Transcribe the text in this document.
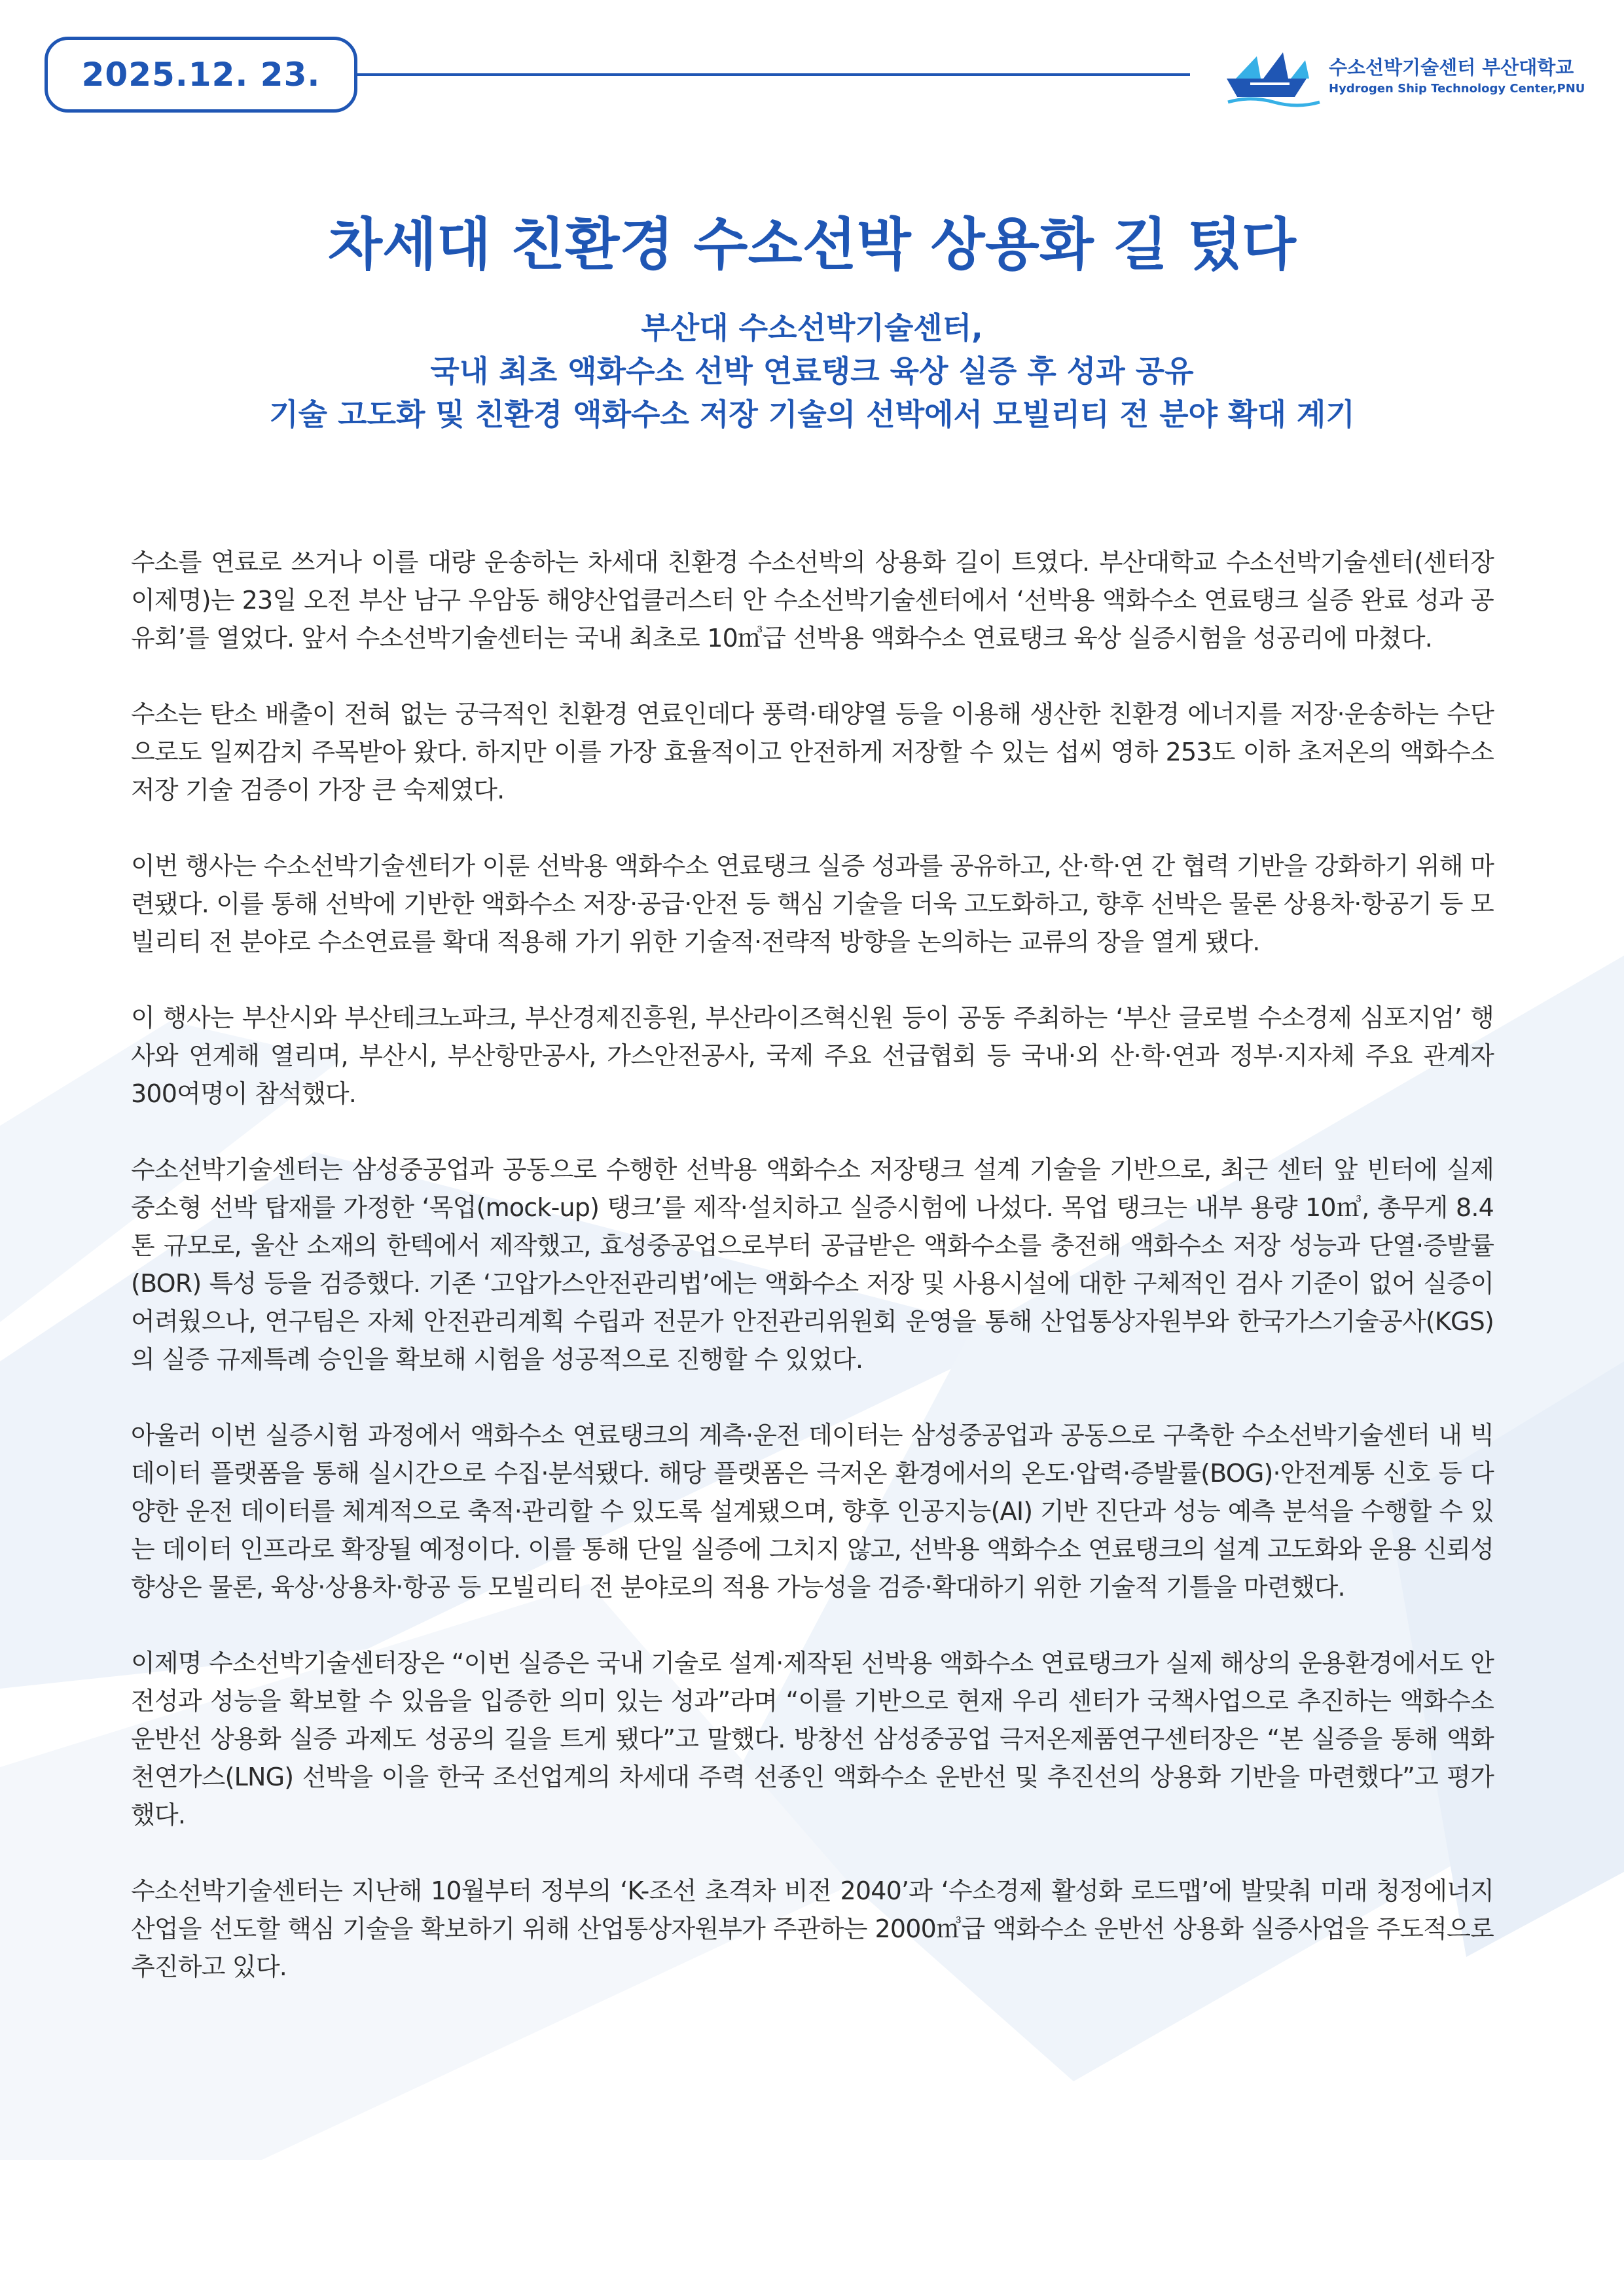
2025.12. 23.	수소선박기술센터 부산대학교
Hydrogen Ship Technology Center,PNU
차세대 친환경 수소선박 상용화 길 텄다
부산대 수소선박기술센터,
국내 최초 액화수소 선박 연료탱크 육상 실증 후 성과 공유
기술 고도화 및 친환경 액화수소 저장 기술의 선박에서 모빌리티 전 분야 확대 계기

수소를 연료로 쓰거나 이를 대량 운송하는 차세대 친환경 수소선박의 상용화 길이 트였다. 부산대학교 수소선박기술센터(센터장 이제명)는 23일 오전 부산 남구 우암동 해양산업클러스터 안 수소선박기술센터에서 ‘선박용 액화수소 연료탱크 실증 완료 성과 공유회’를 열었다. 앞서 수소선박기술센터는 국내 최초로 10㎥급 선박용 액화수소 연료탱크 육상 실증시험을 성공리에 마쳤다.

수소는 탄소 배출이 전혀 없는 궁극적인 친환경 연료인데다 풍력·태양열 등을 이용해 생산한 친환경 에너지를 저장·운송하는 수단으로도 일찌감치 주목받아 왔다. 하지만 이를 가장 효율적이고 안전하게 저장할 수 있는 섭씨 영하 253도 이하 초저온의 액화수소 저장 기술 검증이 가장 큰 숙제였다.

이번 행사는 수소선박기술센터가 이룬 선박용 액화수소 연료탱크 실증 성과를 공유하고, 산·학·연 간 협력 기반을 강화하기 위해 마련됐다. 이를 통해 선박에 기반한 액화수소 저장·공급·안전 등 핵심 기술을 더욱 고도화하고, 향후 선박은 물론 상용차·항공기 등 모빌리티 전 분야로 수소연료를 확대 적용해 가기 위한 기술적·전략적 방향을 논의하는 교류의 장을 열게 됐다.

이 행사는 부산시와 부산테크노파크, 부산경제진흥원, 부산라이즈혁신원 등이 공동 주최하는 ‘부산 글로벌 수소경제 심포지엄’ 행사와 연계해 열리며, 부산시, 부산항만공사, 가스안전공사, 국제 주요 선급협회 등 국내·외 산·학·연과 정부·지자체 주요 관계자 300여명이 참석했다.

수소선박기술센터는 삼성중공업과 공동으로 수행한 선박용 액화수소 저장탱크 설계 기술을 기반으로, 최근 센터 앞 빈터에 실제 중소형 선박 탑재를 가정한 ‘목업(mock-up) 탱크’를 제작·설치하고 실증시험에 나섰다. 목업 탱크는 내부 용량 10㎥, 총무게 8.4톤 규모로, 울산 소재의 한텍에서 제작했고, 효성중공업으로부터 공급받은 액화수소를 충전해 액화수소 저장 성능과 단열·증발률(BOR) 특성 등을 검증했다. 기존 ‘고압가스안전관리법’에는 액화수소 저장 및 사용시설에 대한 구체적인 검사 기준이 없어 실증이 어려웠으나, 연구팀은 자체 안전관리계획 수립과 전문가 안전관리위원회 운영을 통해 산업통상자원부와 한국가스기술공사(KGS)의 실증 규제특례 승인을 확보해 시험을 성공적으로 진행할 수 있었다.

아울러 이번 실증시험 과정에서 액화수소 연료탱크의 계측·운전 데이터는 삼성중공업과 공동으로 구축한 수소선박기술센터 내 빅데이터 플랫폼을 통해 실시간으로 수집·분석됐다. 해당 플랫폼은 극저온 환경에서의 온도·압력·증발률(BOG)·안전계통 신호 등 다양한 운전 데이터를 체계적으로 축적·관리할 수 있도록 설계됐으며, 향후 인공지능(AI) 기반 진단과 성능 예측 분석을 수행할 수 있는 데이터 인프라로 확장될 예정이다. 이를 통해 단일 실증에 그치지 않고, 선박용 액화수소 연료탱크의 설계 고도화와 운용 신뢰성 향상은 물론, 육상·상용차·항공 등 모빌리티 전 분야로의 적용 가능성을 검증·확대하기 위한 기술적 기틀을 마련했다.

이제명 수소선박기술센터장은 “이번 실증은 국내 기술로 설계·제작된 선박용 액화수소 연료탱크가 실제 해상의 운용환경에서도 안전성과 성능을 확보할 수 있음을 입증한 의미 있는 성과”라며 “이를 기반으로 현재 우리 센터가 국책사업으로 추진하는 액화수소 운반선 상용화 실증 과제도 성공의 길을 트게 됐다”고 말했다. 방창선 삼성중공업 극저온제품연구센터장은 “본 실증을 통해 액화천연가스(LNG) 선박을 이을 한국 조선업계의 차세대 주력 선종인 액화수소 운반선 및 추진선의 상용화 기반을 마련했다”고 평가했다.

수소선박기술센터는 지난해 10월부터 정부의 ‘K-조선 초격차 비전 2040’과 ‘수소경제 활성화 로드맵’에 발맞춰 미래 청정에너지 산업을 선도할 핵심 기술을 확보하기 위해 산업통상자원부가 주관하는 2000㎥급 액화수소 운반선 상용화 실증사업을 주도적으로 추진하고 있다.
